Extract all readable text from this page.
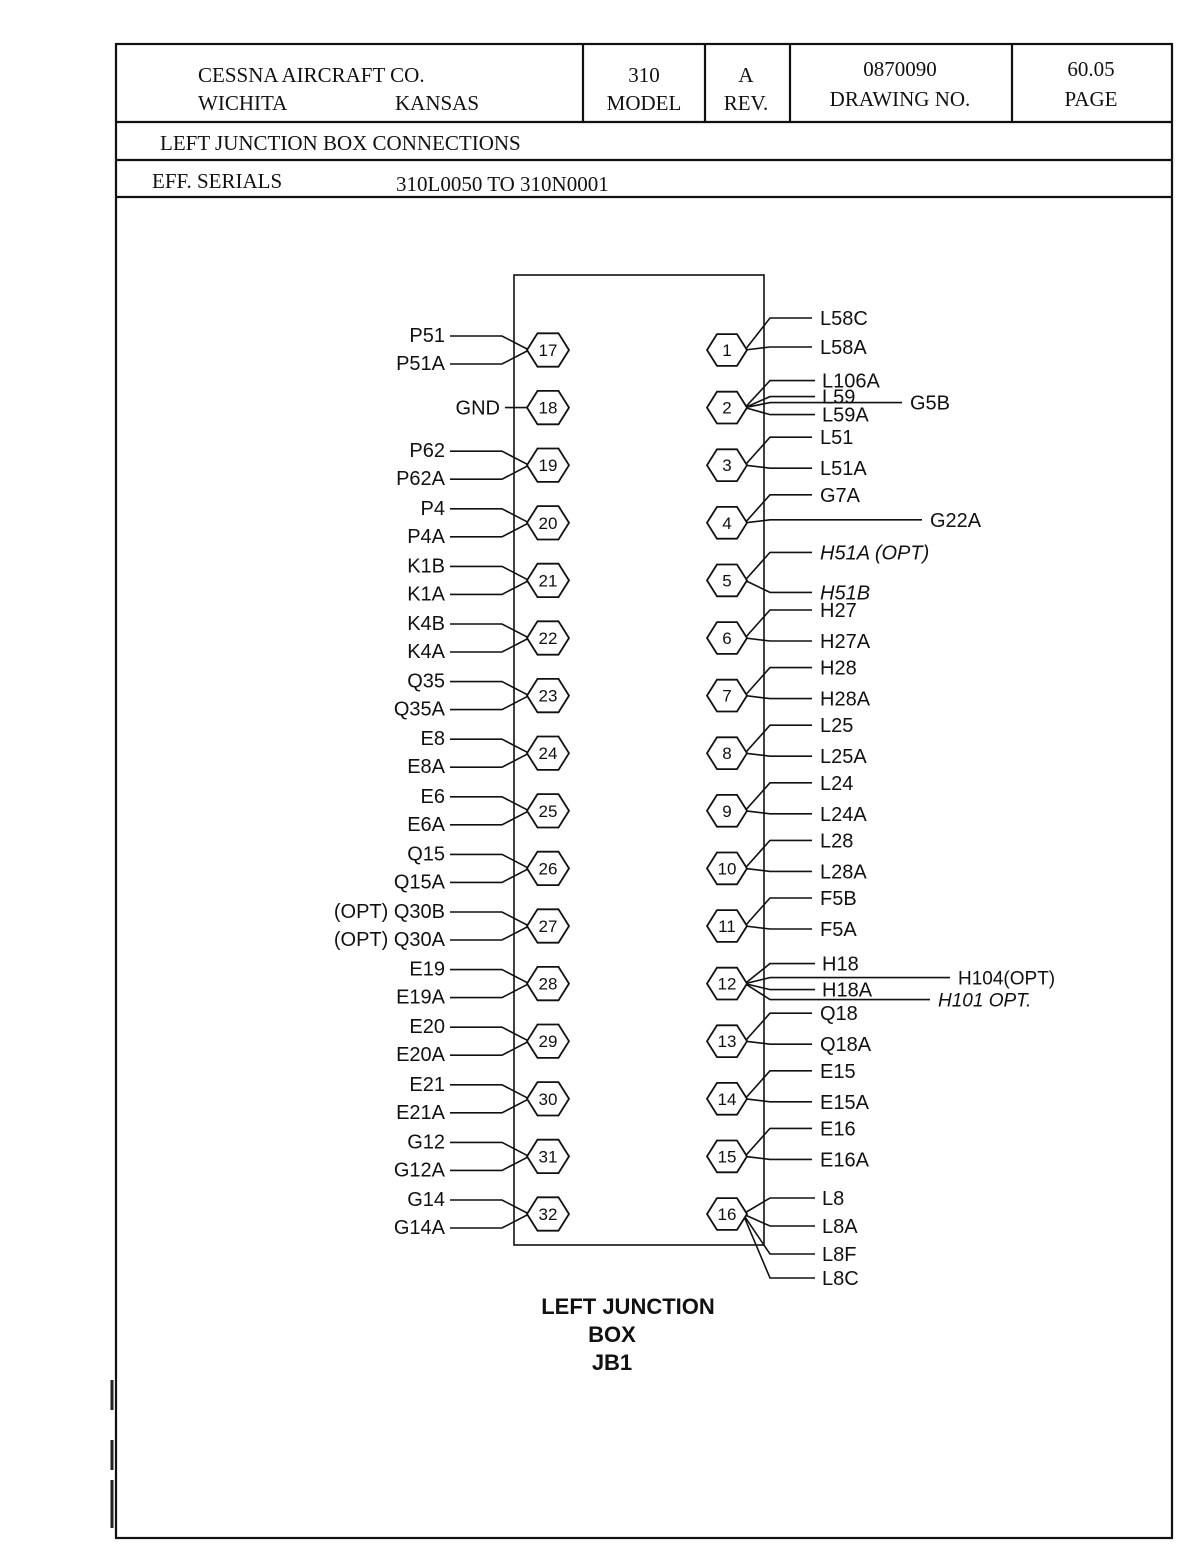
CESSNA AIRCRAFT CO.
WICHITA	KANSAS
310
MODEL
A
REV.
0870090
DRAWING NO.
60.05
PAGE
LEFT JUNCTION BOX CONNECTIONS
EFF. SERIALS	310L0050 TO 310N0001
P51
P51A
17
GND 18
P62
P62A
19
P4
P4A
20
K1B
K1A
21
K4B
K4A
22
Q35
Q35A
23
E8
E8A
24
E6
E6A
25
Q15
Q15A
26
(OPT) Q30B
(OPT) Q30A
27
E19
E19A
28
E20
E20A
29
E21
E21A
30
G12
G12A
31
G14
G14A
32
L58C
L58A
1
L106A
L59
L59A
G5B
2
L51
L51A
3
G7A
G22A
4
H51A (OPT)
H51B
5
H27
H27A
6
H28
H28A
7
L25
L25A
8
L24
L24A
9
L28
L28A
10
F5B
F5A
11
H18
H18A
H104(OPT)
H101 OPT.
12
Q18
Q18A
13
E15
E15A
14
E16
E16A
15
L8
L8A
L8F
L8C
16
LEFT JUNCTION
BOX
JB1
